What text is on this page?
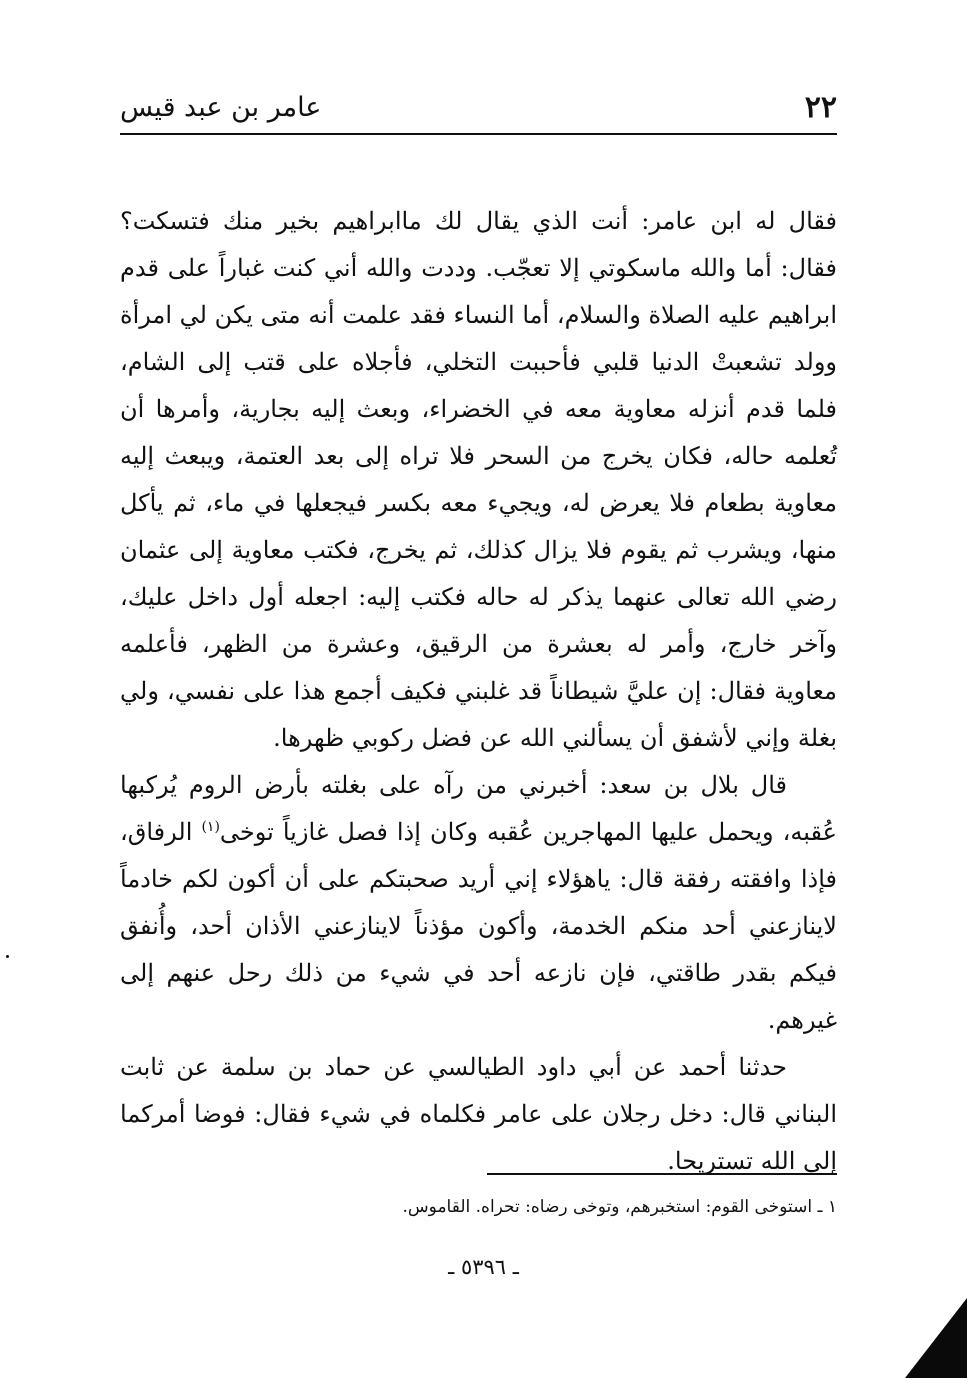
٢٢
عامر بن عبد قيس

فقال له ابن عامر: أنت الذي يقال لك ماابراهيم بخير منك فتسكت؟ فقال: أما والله ماسكوتي إلا تعجّب. وددت والله أني كنت غباراً على قدم ابراهيم عليه الصلاة والسلام، أما النساء فقد علمت أنه متى يكن لي امرأة وولد تشعبتْ الدنيا قلبي فأحببت التخلي، فأجلاه على قتب إلى الشام، فلما قدم أنزله معاوية معه في الخضراء، وبعث إليه بجارية، وأمرها أن تُعلمه حاله، فكان يخرج من السحر فلا تراه إلى بعد العتمة، ويبعث إليه معاوية بطعام فلا يعرض له، ويجيء معه بكسر فيجعلها في ماء، ثم يأكل منها، ويشرب ثم يقوم فلا يزال كذلك، ثم يخرج، فكتب معاوية إلى عثمان رضي الله تعالى عنهما يذكر له حاله فكتب إليه: اجعله أول داخل عليك، وآخر خارج، وأمر له بعشرة من الرقيق، وعشرة من الظهر، فأعلمه معاوية فقال: إن عليَّ شيطاناً قد غلبني فكيف أجمع هذا على نفسي، ولي بغلة وإني لأشفق أن يسألني الله عن فضل ركوبي ظهرها.

قال بلال بن سعد: أخبرني من رآه على بغلته بأرض الروم يُركبها عُقبه، ويحمل عليها المهاجرين عُقبه وكان إذا فصل غازياً توخى$^{(١)}$ الرفاق، فإذا وافقته رفقة قال: ياهؤلاء إني أريد صحبتكم على أن أكون لكم خادماً لاينازعني أحد منكم الخدمة، وأكون مؤذناً لاينازعني الأذان أحد، وأُنفق فيكم بقدر طاقتي، فإن نازعه أحد في شيء من ذلك رحل عنهم إلى غيرهم.

حدثنا أحمد عن أبي داود الطيالسي عن حماد بن سلمة عن ثابت البناني قال: دخل رجلان على عامر فكلماه في شيء فقال: فوضا أمركما إلى الله تستريحا.

١ ـ استوخى القوم: استخبرهم، وتوخى رضاه: تحراه. القاموس.
ـ ٥٣٩٦ ـ
